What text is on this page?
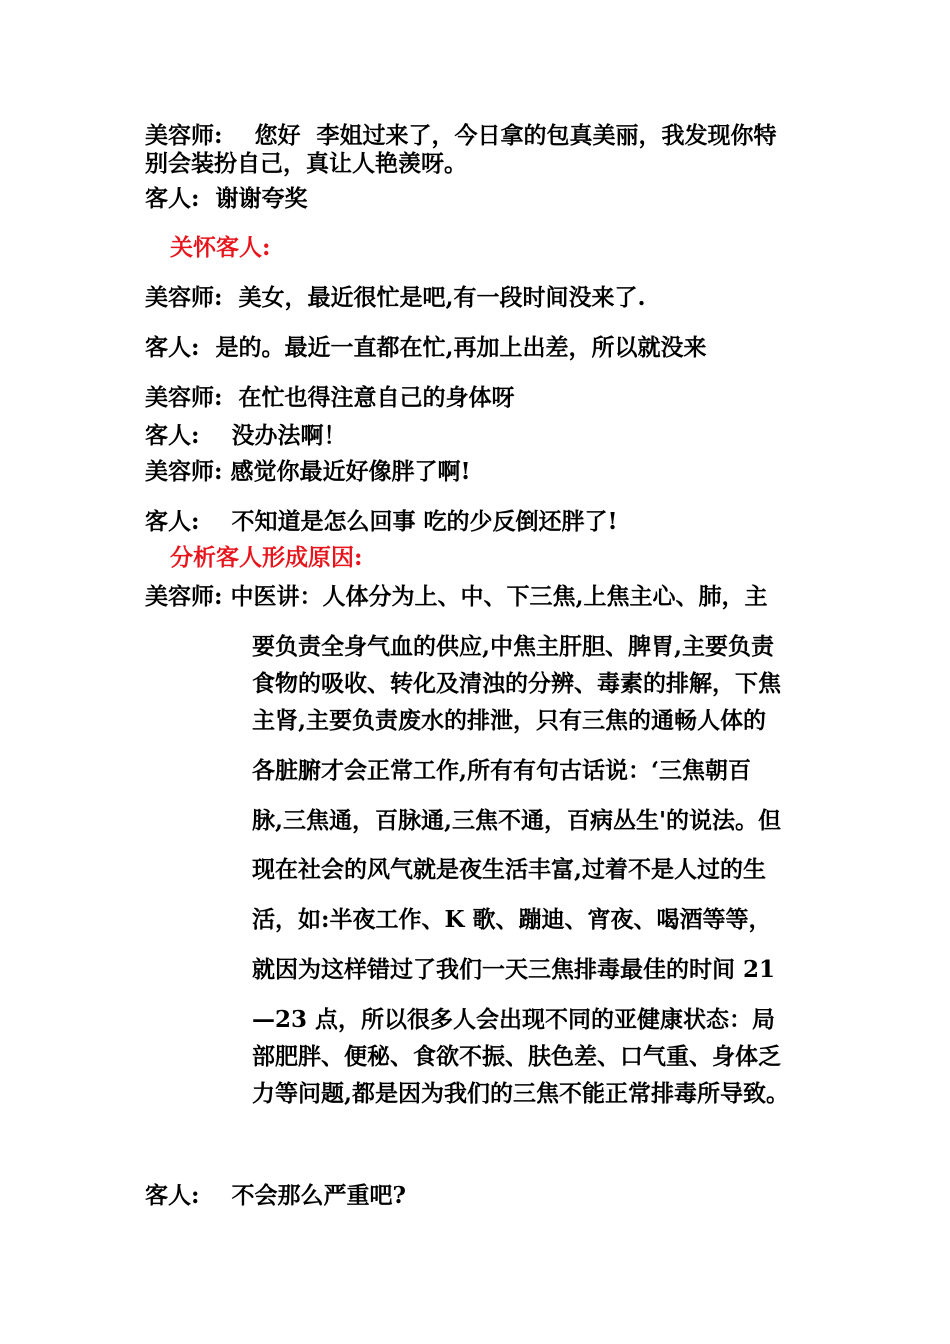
美容师:    您好  李姐过来了，今日拿的包真美丽，我发现你特
别会装扮自己，真让人艳羡呀。
客人:  谢谢夸奖
关怀客人:
美容师:  美女，最近很忙是吧,有一段时间没来了.
客人:  是的。最近一直都在忙,再加上出差，所以就没来
美容师:  在忙也得注意自己的身体呀
客人:    没办法啊！
美容师: 感觉你最近好像胖了啊!
客人:    不知道是怎么回事 吃的少反倒还胖了!
分析客人形成原因:
美容师: 中医讲：人体分为上、中、下三焦,上焦主心、肺，主
要负责全身气血的供应,中焦主肝胆、脾胃,主要负责
食物的吸收、转化及清浊的分辨、毒素的排解，下焦
主肾,主要负责废水的排泄，只有三焦的通畅人体的
各脏腑才会正常工作,所有有句古话说：‘三焦朝百
脉,三焦通，百脉通,三焦不通，百病丛生'的说法。但
现在社会的风气就是夜生活丰富,过着不是人过的生
活，如:半夜工作、K 歌、蹦迪、宵夜、喝酒等等，
就因为这样错过了我们一天三焦排毒最佳的时间 21
—23 点，所以很多人会出现不同的亚健康状态：局
部肥胖、便秘、食欲不振、肤色差、口气重、身体乏
力等问题,都是因为我们的三焦不能正常排毒所导致。
客人:    不会那么严重吧?
